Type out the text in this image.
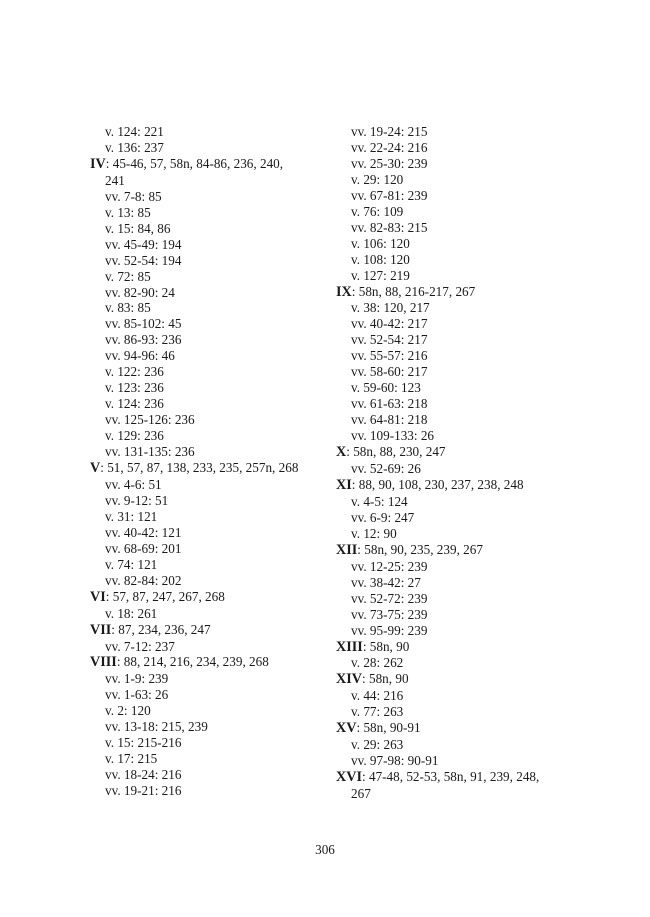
v. 124: 221
v. 136: 237
IV: 45-46, 57, 58n, 84-86, 236, 240,
241
vv. 7-8: 85
v. 13: 85
v. 15: 84, 86
vv. 45-49: 194
vv. 52-54: 194
v. 72: 85
vv. 82-90: 24
v. 83: 85
vv. 85-102: 45
vv. 86-93: 236
vv. 94-96: 46
v. 122: 236
v. 123: 236
v. 124: 236
vv. 125-126: 236
v. 129: 236
vv. 131-135: 236
V: 51, 57, 87, 138, 233, 235, 257n, 268
vv. 4-6: 51
vv. 9-12: 51
v. 31: 121
vv. 40-42: 121
vv. 68-69: 201
v. 74: 121
vv. 82-84: 202
VI: 57, 87, 247, 267, 268
v. 18: 261
VII: 87, 234, 236, 247
vv. 7-12: 237
VIII: 88, 214, 216, 234, 239, 268
vv. 1-9: 239
vv. 1-63: 26
v. 2: 120
vv. 13-18: 215, 239
v. 15: 215-216
v. 17: 215
vv. 18-24: 216
vv. 19-21: 216
vv. 19-24: 215
vv. 22-24: 216
vv. 25-30: 239
v. 29: 120
vv. 67-81: 239
v. 76: 109
vv. 82-83: 215
v. 106: 120
v. 108: 120
v. 127: 219
IX: 58n, 88, 216-217, 267
v. 38: 120, 217
vv. 40-42: 217
vv. 52-54: 217
vv. 55-57: 216
vv. 58-60: 217
v. 59-60: 123
vv. 61-63: 218
vv. 64-81: 218
vv. 109-133: 26
X: 58n, 88, 230, 247
vv. 52-69: 26
XI: 88, 90, 108, 230, 237, 238, 248
v. 4-5: 124
vv. 6-9: 247
v. 12: 90
XII: 58n, 90, 235, 239, 267
vv. 12-25: 239
vv. 38-42: 27
vv. 52-72: 239
vv. 73-75: 239
vv. 95-99: 239
XIII: 58n, 90
v. 28: 262
XIV: 58n, 90
v. 44: 216
v. 77: 263
XV: 58n, 90-91
v. 29: 263
vv. 97-98: 90-91
XVI: 47-48, 52-53, 58n, 91, 239, 248,
267
306
